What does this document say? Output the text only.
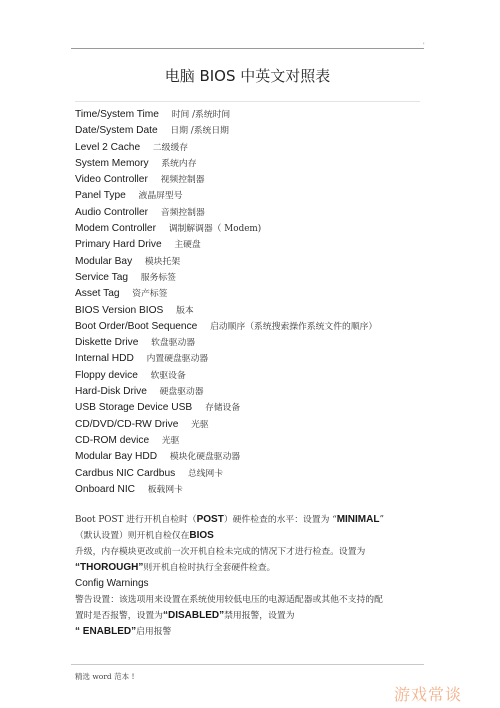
'
电脑 BIOS 中英文对照表
Time/System Time 时间 /系统时间
Date/System Date 日期 /系统日期
Level 2 Cache 二级缓存
System Memory 系统内存
Video Controller 视频控制器
Panel Type 液晶屏型号
Audio Controller 音频控制器
Modem Controller 调制解调器（ Modem)
Primary Hard Drive 主硬盘
Modular Bay 模块托架
Service Tag 服务标签
Asset Tag 资产标签
BIOS Version BIOS 版本
Boot Order/Boot Sequence 启动顺序（系统搜索操作系统文件的顺序）
Diskette Drive 软盘驱动器
Internal HDD 内置硬盘驱动器
Floppy device 软驱设备
Hard-Disk Drive 硬盘驱动器
USB Storage Device USB 存储设备
CD/DVD/CD-RW Drive 光驱
CD-ROM device 光驱
Modular Bay HDD 模块化硬盘驱动器
Cardbus NIC Cardbus 总线网卡
Onboard NIC 板载网卡
Boot POST 进行开机自检时（POST）硬件检查的水平：设置为 “MINIMAL”
（默认设置）则开机自检仅在BIOS
升级，内存模块更改或前一次开机自检未完成的情况下才进行检查。设置为
“THOROUGH”则开机自检时执行全套硬件检查。
Config Warnings
警告设置：该选项用来设置在系统使用较低电压的电源适配器或其他不支持的配
置时是否报警，设置为“DISABLED”禁用报警，设置为
“ ENABLED”启用报警
精选 word 范本 !
游戏常谈
